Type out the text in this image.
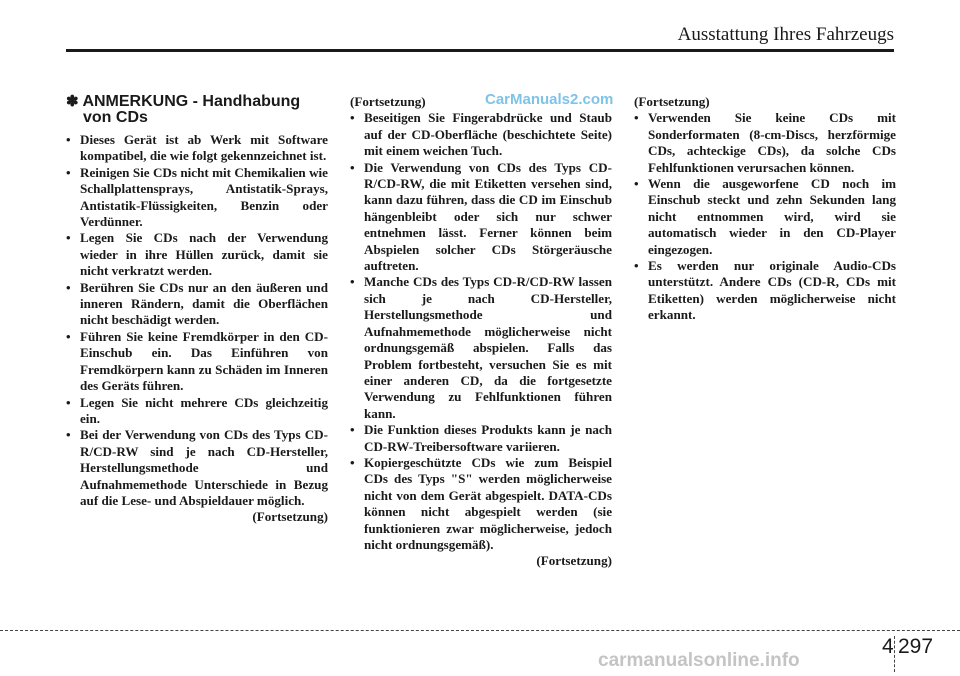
Ausstattung Ihres Fahrzeugs
CarManuals2.com
✽ ANMERKUNG - Handhabung von CDs
• Dieses Gerät ist ab Werk mit Software kompatibel, die wie folgt gekennzeichnet ist.
• Reinigen Sie CDs nicht mit Chemikalien wie Schallplattensprays, Antistatik-Sprays, Antistatik-Flüssigkeiten, Benzin oder Verdünner.
• Legen Sie CDs nach der Verwendung wieder in ihre Hüllen zurück, damit sie nicht verkratzt werden.
• Berühren Sie CDs nur an den äußeren und inneren Rändern, damit die Oberflächen nicht beschädigt werden.
• Führen Sie keine Fremdkörper in den CD-Einschub ein. Das Einführen von Fremdkörpern kann zu Schäden im Inneren des Geräts führen.
• Legen Sie nicht mehrere CDs gleichzeitig ein.
• Bei der Verwendung von CDs des Typs CD-R/CD-RW sind je nach CD-Hersteller, Herstellungsmethode und Aufnahmemethode Unterschiede in Bezug auf die Lese- und Abspieldauer möglich.
(Fortsetzung)
(Fortsetzung)
• Beseitigen Sie Fingerabdrücke und Staub auf der CD-Oberfläche (beschichtete Seite) mit einem weichen Tuch.
• Die Verwendung von CDs des Typs CD-R/CD-RW, die mit Etiketten versehen sind, kann dazu führen, dass die CD im Einschub hängenbleibt oder sich nur schwer entnehmen lässt. Ferner können beim Abspielen solcher CDs Störgeräusche auftreten.
• Manche CDs des Typs CD-R/CD-RW lassen sich je nach CD-Hersteller, Herstellungsmethode und Aufnahmemethode möglicherweise nicht ordnungsgemäß abspielen. Falls das Problem fortbesteht, versuchen Sie es mit einer anderen CD, da die fortgesetzte Verwendung zu Fehlfunktionen führen kann.
• Die Funktion dieses Produkts kann je nach CD-RW-Treibersoftware variieren.
• Kopiergeschützte CDs wie zum Beispiel CDs des Typs "S" werden möglicherweise nicht von dem Gerät abgespielt. DATA-CDs können nicht abgespielt werden (sie funktionieren zwar möglicherweise, jedoch nicht ordnungsgemäß).
(Fortsetzung)
(Fortsetzung)
• Verwenden Sie keine CDs mit Sonderformaten (8-cm-Discs, herzförmige CDs, achteckige CDs), da solche CDs Fehlfunktionen verursachen können.
• Wenn die ausgeworfene CD noch im Einschub steckt und zehn Sekunden lang nicht entnommen wird, wird sie automatisch wieder in den CD-Player eingezogen.
• Es werden nur originale Audio-CDs unterstützt. Andere CDs (CD-R, CDs mit Etiketten) werden möglicherweise nicht erkannt.
4 297
carmanualsonline.info
